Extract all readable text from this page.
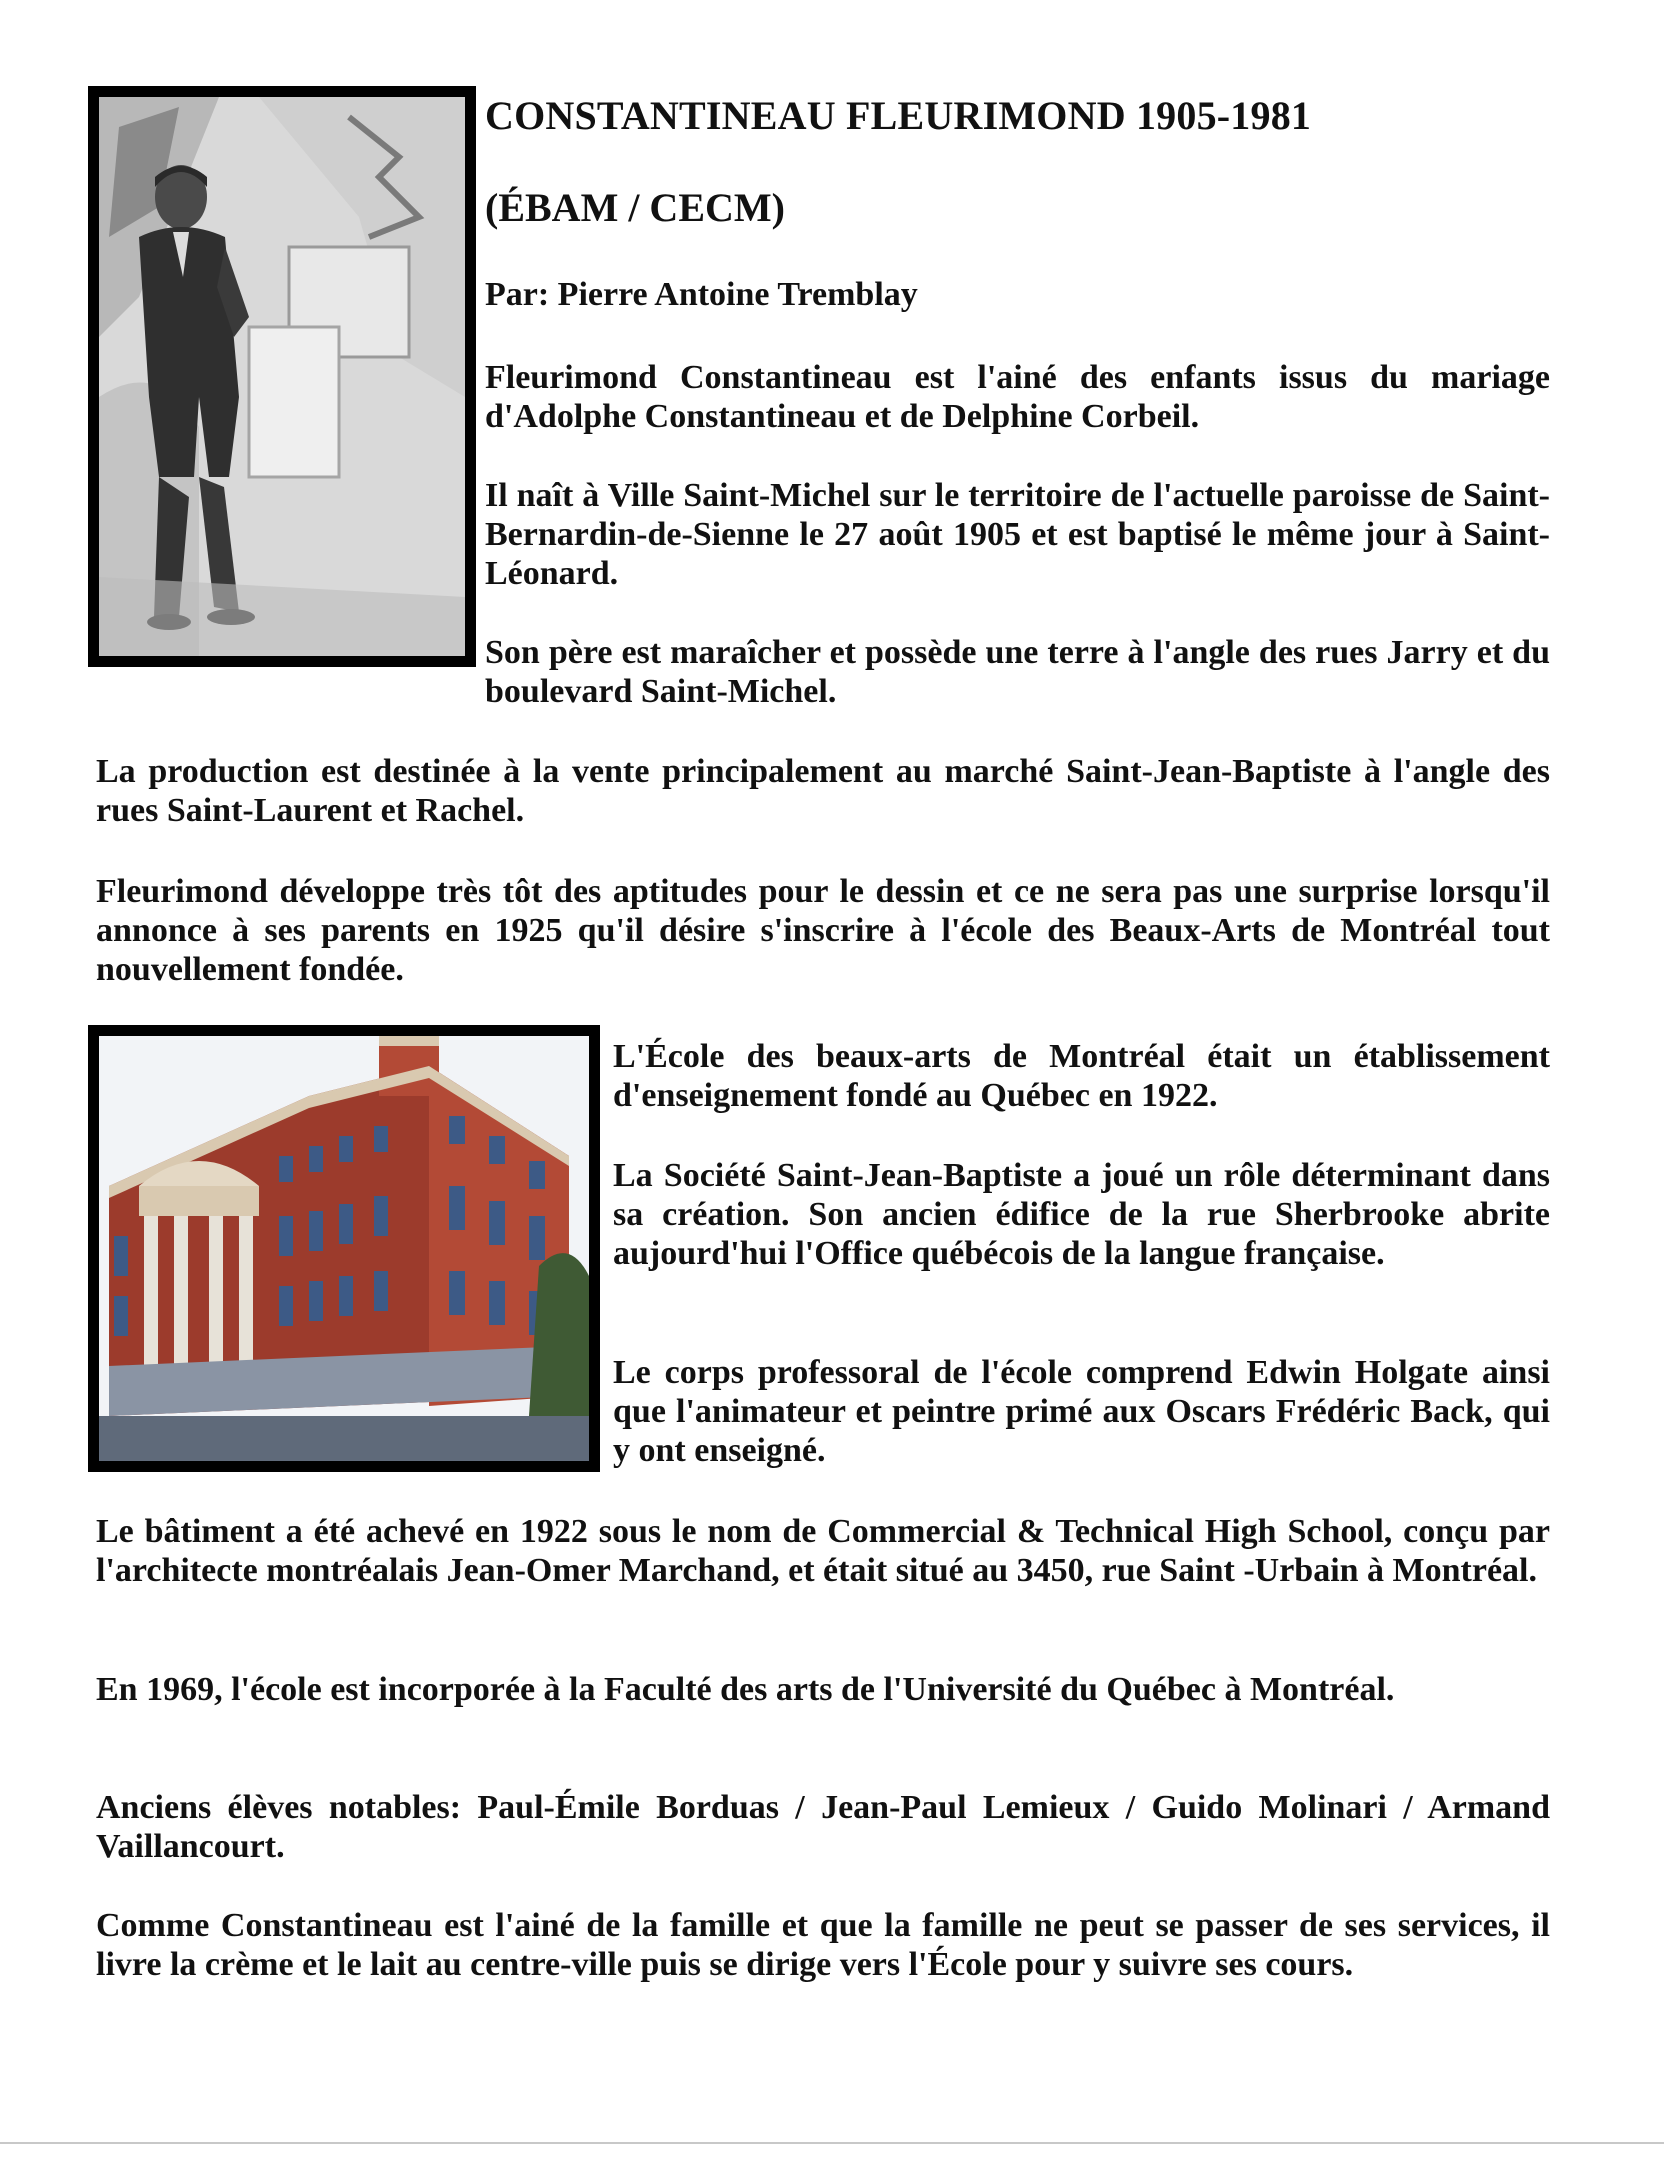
CONSTANTINEAU FLEURIMOND 1905-1981

(ÉBAM / CECM)

Par: Pierre Antoine Tremblay

Fleurimond Constantineau est l'ainé des enfants issus du mariage d'Adolphe Constantineau et de Delphine Corbeil.

Il naît à Ville Saint-Michel sur le territoire de l'actuelle paroisse de Saint-Bernardin-de-Sienne le 27 août 1905 et est baptisé le même jour à Saint-Léonard.

Son père est maraîcher et possède une terre à l'angle des rues Jarry et du boulevard Saint-Michel.

La production est destinée à la vente principalement au marché Saint-Jean-Baptiste à l'angle des rues Saint-Laurent et Rachel.

Fleurimond développe très tôt des aptitudes pour le dessin et ce ne sera pas une surprise lorsqu'il annonce à ses parents en 1925 qu'il désire s'inscrire à l'école des Beaux-Arts de Montréal tout nouvellement fondée.

L'École des beaux-arts de Montréal était un établissement d'enseignement fondé au Québec en 1922.

La Société Saint-Jean-Baptiste a joué un rôle déterminant dans sa création. Son ancien édifice de la rue Sherbrooke abrite aujourd'hui l'Office québécois de la langue française.

Le corps professoral de l'école comprend Edwin Holgate ainsi que l'animateur et peintre primé aux Oscars Frédéric Back, qui y ont enseigné.

Le bâtiment a été achevé en 1922 sous le nom de Commercial & Technical High School, conçu par l'architecte montréalais Jean-Omer Marchand, et était situé au 3450, rue Saint -Urbain à Montréal.

En 1969, l'école est incorporée à la Faculté des arts de l'Université du Québec à Montréal.

Anciens élèves notables: Paul-Émile Borduas / Jean-Paul Lemieux / Guido Molinari / Armand Vaillancourt.

Comme Constantineau est l'ainé de la famille et que la famille ne peut se passer de ses services, il livre la crème et le lait au centre-ville puis se dirige vers l'École pour y suivre ses cours.
